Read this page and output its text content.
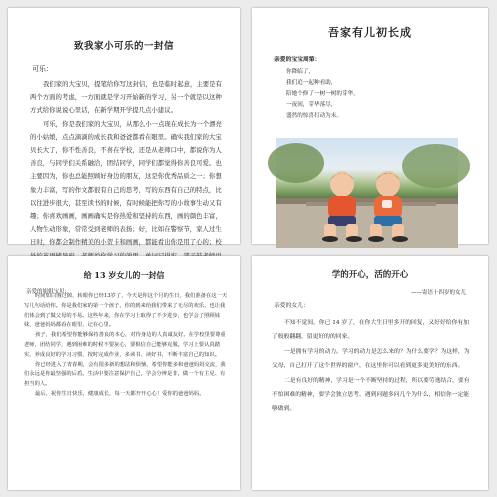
致我家小可乐的一封信
可乐：

我们家的大宝贝，提笔给你写这封信，也是临时起意，主要是有两个方面的考虑，一方面就是学习开始新的学习，另一个就是以这种方式给你说说心里话，在新学期开学提几点小建议。

可乐，你是我们家的大宝贝，从那么小一点现在成长为一个漂亮的小姑娘，点点滴滴的成长我和爸爸都看在眼里。确实我们家的大宝贝长大了，你不性善良，不喜在学校，还是从老师口中，都说你为人善良，与同学们关系融洽，团结同学，同学们都觉得你善良可爱。也主要因为，你也总能照顾好身边的朋友，这是你优秀品质之一；你想象力丰富，写的作文都很有自己的思考，写的东西有自己的特点，比以往进步很大，甚至读书的时候，有时候能把你写的小故事生动又有趣；你喜欢画画，画画确实是你热爱和坚持的东西，画的颜色丰富，人物生动形象，常常受到老师的表扬；好，比如在警察节，家人过生日时，你都会制作精美的小贺卡和画画，都能看出你是用了心的；校

吾家有儿初长成
亲爱的宝宝周第：
你降临了，
我们追一起种看助，
陪她个修了一树一树的芽华，
一夜间，芽华落尽，
盛然的惊喜打动为未。
给 13 岁女儿的一封信
亲爱的姐姐宝贝：

时间如白驹过隙，转眼你已经13岁了，今天是你这个月的生日，我们准备在这一天写几句话给你。你是我们家的第一个孩子，你的到来给我们带来了无尽的欢乐，也让我们体会到了做父母的不易。这些年来，你在学习上取得了不少进步，也学会了照顾妹妹，爸爸妈妈都看在眼里，记在心里。

孩子，我们希望你能够保持善良的本心，对待身边的人真诚友好。在学校里要尊重老师，团结同学，遇到困难的时候不要灰心，要相信自己能够克服。学习上要认真踏实，养成良好的学习习惯，按时完成作业，多读书，读好书，不断丰富自己的知识。

你已经进入了青春期，会有很多新的想法和烦恼，希望你能多和爸爸妈妈交流，我们永远是你最坚强的后盾。生活中要注意保护自己，学会分辨是非，做一个有主见、有担当的人。

最后，祝你生日快乐，健康成长，每一天都开开心心！爱你的爸爸妈妈。

学的开心，活的开心
——寄语十四岁的女儿
亲爱的女儿：

不知不觉间，你已 14 岁了，在你大生日里多开的回复，又好好给你有加了般般翻翻，留更好的的回家。

一是拥有学习的动力。学习的动力是怎么来的？为什么要学？为这样，为父母，自己打开了这个世界的窗户，在这里你可以看到更多更美好的东西。

二是有良好的精神，学习是一个不断坚持的过程，所以要劳逸结合，要有不怕困难的精神，要学会独立思考，遇到问题多问几个为什么，相信你一定能够做到。
